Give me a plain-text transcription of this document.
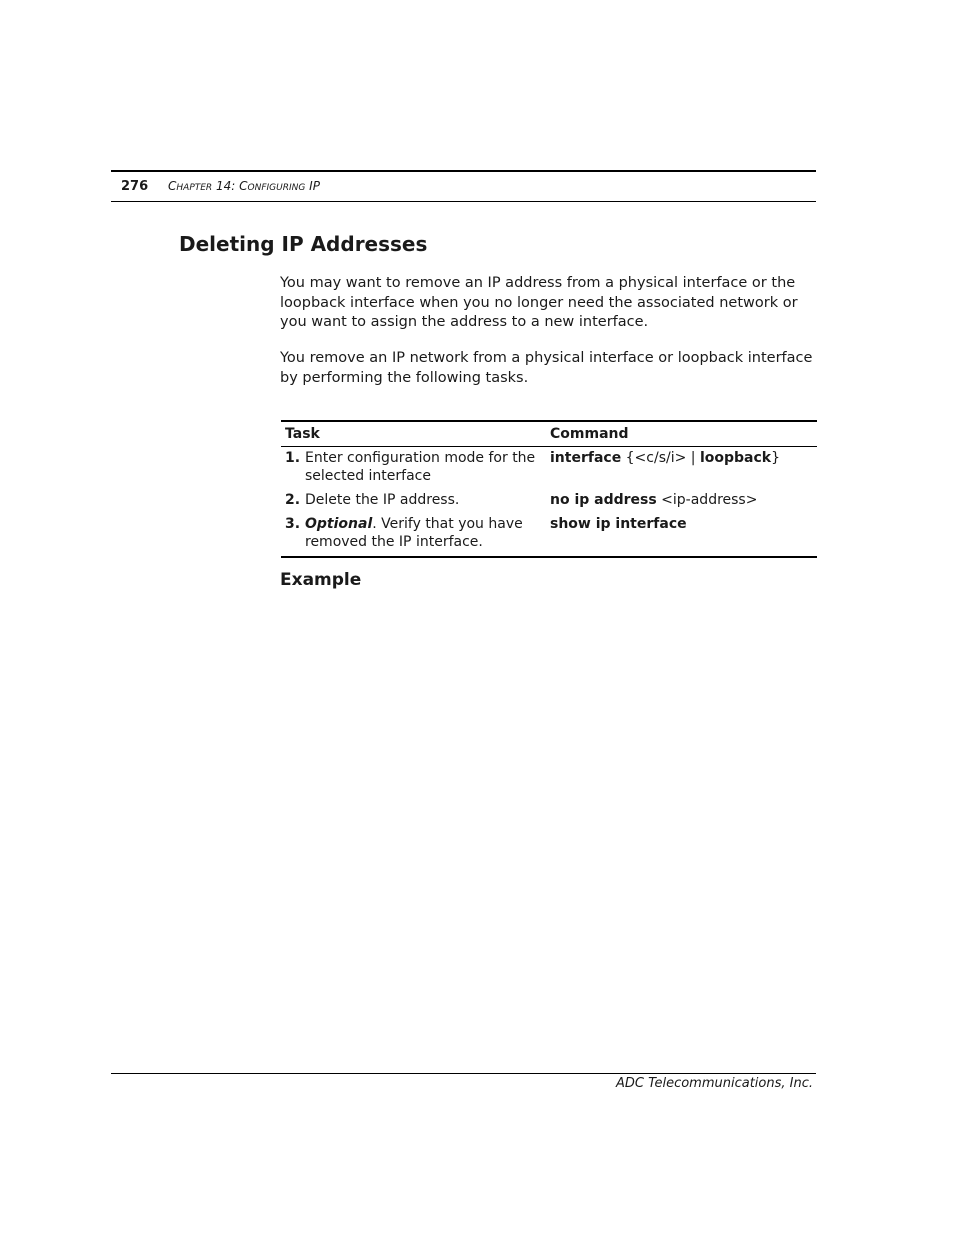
276 CHAPTER 14: CONFIGURING IP
Deleting IP Addresses

You may want to remove an IP address from a physical interface or the loopback interface when you no longer need the associated network or you want to assign the address to a new interface.

You remove an IP network from a physical interface or loopback interface by performing the following tasks.

Task	Command

1. Enter configuration mode for the selected interface	interface {<c/s/i> | loopback}

2. Delete the IP address.	no ip address <ip-address>

3. Optional. Verify that you have removed the IP interface.	show ip interface
Example
ADC Telecommunications, Inc.
